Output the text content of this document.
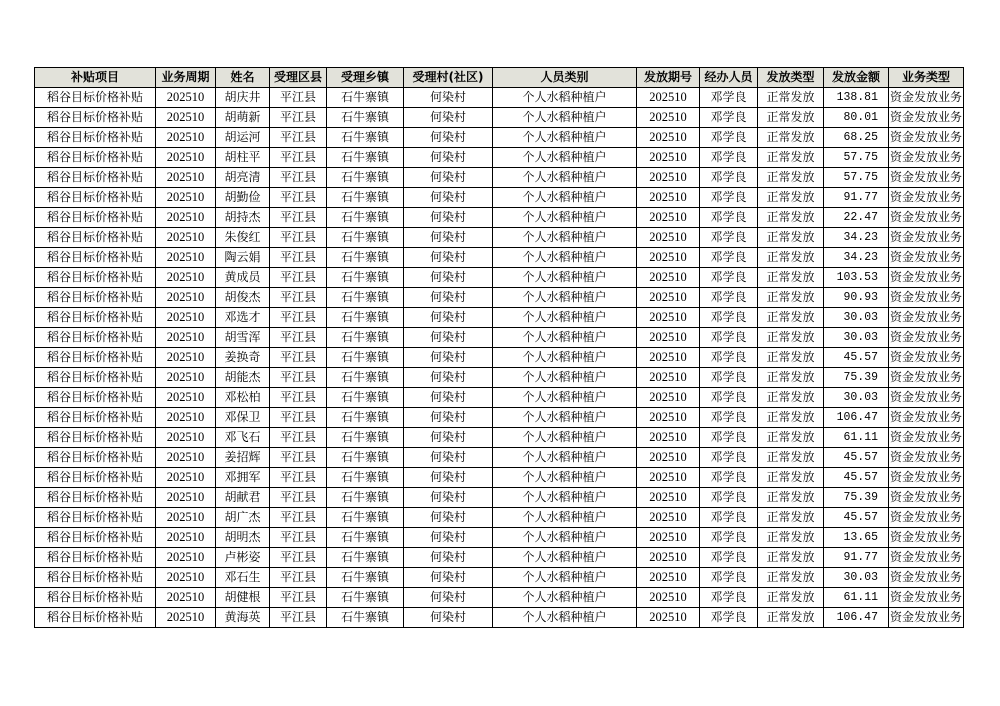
补贴项目	业务周期	姓名	受理区县	受理乡镇	受理村(社区)	人员类别	发放期号	经办人员	发放类型	发放金额	业务类型
稻谷目标价格补贴	202510	胡庆井	平江县	石牛寨镇	何染村	个人水稻种植户	202510	邓学良	正常发放	138.81	资金发放业务
稻谷目标价格补贴	202510	胡萌新	平江县	石牛寨镇	何染村	个人水稻种植户	202510	邓学良	正常发放	80.01	资金发放业务
稻谷目标价格补贴	202510	胡运河	平江县	石牛寨镇	何染村	个人水稻种植户	202510	邓学良	正常发放	68.25	资金发放业务
稻谷目标价格补贴	202510	胡柱平	平江县	石牛寨镇	何染村	个人水稻种植户	202510	邓学良	正常发放	57.75	资金发放业务
稻谷目标价格补贴	202510	胡亮清	平江县	石牛寨镇	何染村	个人水稻种植户	202510	邓学良	正常发放	57.75	资金发放业务
稻谷目标价格补贴	202510	胡勤俭	平江县	石牛寨镇	何染村	个人水稻种植户	202510	邓学良	正常发放	91.77	资金发放业务
稻谷目标价格补贴	202510	胡持杰	平江县	石牛寨镇	何染村	个人水稻种植户	202510	邓学良	正常发放	22.47	资金发放业务
稻谷目标价格补贴	202510	朱俊红	平江县	石牛寨镇	何染村	个人水稻种植户	202510	邓学良	正常发放	34.23	资金发放业务
稻谷目标价格补贴	202510	陶云娟	平江县	石牛寨镇	何染村	个人水稻种植户	202510	邓学良	正常发放	34.23	资金发放业务
稻谷目标价格补贴	202510	黄成员	平江县	石牛寨镇	何染村	个人水稻种植户	202510	邓学良	正常发放	103.53	资金发放业务
稻谷目标价格补贴	202510	胡俊杰	平江县	石牛寨镇	何染村	个人水稻种植户	202510	邓学良	正常发放	90.93	资金发放业务
稻谷目标价格补贴	202510	邓选才	平江县	石牛寨镇	何染村	个人水稻种植户	202510	邓学良	正常发放	30.03	资金发放业务
稻谷目标价格补贴	202510	胡雪浑	平江县	石牛寨镇	何染村	个人水稻种植户	202510	邓学良	正常发放	30.03	资金发放业务
稻谷目标价格补贴	202510	姜换奇	平江县	石牛寨镇	何染村	个人水稻种植户	202510	邓学良	正常发放	45.57	资金发放业务
稻谷目标价格补贴	202510	胡能杰	平江县	石牛寨镇	何染村	个人水稻种植户	202510	邓学良	正常发放	75.39	资金发放业务
稻谷目标价格补贴	202510	邓松柏	平江县	石牛寨镇	何染村	个人水稻种植户	202510	邓学良	正常发放	30.03	资金发放业务
稻谷目标价格补贴	202510	邓保卫	平江县	石牛寨镇	何染村	个人水稻种植户	202510	邓学良	正常发放	106.47	资金发放业务
稻谷目标价格补贴	202510	邓飞石	平江县	石牛寨镇	何染村	个人水稻种植户	202510	邓学良	正常发放	61.11	资金发放业务
稻谷目标价格补贴	202510	姜招辉	平江县	石牛寨镇	何染村	个人水稻种植户	202510	邓学良	正常发放	45.57	资金发放业务
稻谷目标价格补贴	202510	邓拥军	平江县	石牛寨镇	何染村	个人水稻种植户	202510	邓学良	正常发放	45.57	资金发放业务
稻谷目标价格补贴	202510	胡献君	平江县	石牛寨镇	何染村	个人水稻种植户	202510	邓学良	正常发放	75.39	资金发放业务
稻谷目标价格补贴	202510	胡广杰	平江县	石牛寨镇	何染村	个人水稻种植户	202510	邓学良	正常发放	45.57	资金发放业务
稻谷目标价格补贴	202510	胡明杰	平江县	石牛寨镇	何染村	个人水稻种植户	202510	邓学良	正常发放	13.65	资金发放业务
稻谷目标价格补贴	202510	卢彬姿	平江县	石牛寨镇	何染村	个人水稻种植户	202510	邓学良	正常发放	91.77	资金发放业务
稻谷目标价格补贴	202510	邓石生	平江县	石牛寨镇	何染村	个人水稻种植户	202510	邓学良	正常发放	30.03	资金发放业务
稻谷目标价格补贴	202510	胡健根	平江县	石牛寨镇	何染村	个人水稻种植户	202510	邓学良	正常发放	61.11	资金发放业务
稻谷目标价格补贴	202510	黄海英	平江县	石牛寨镇	何染村	个人水稻种植户	202510	邓学良	正常发放	106.47	资金发放业务
